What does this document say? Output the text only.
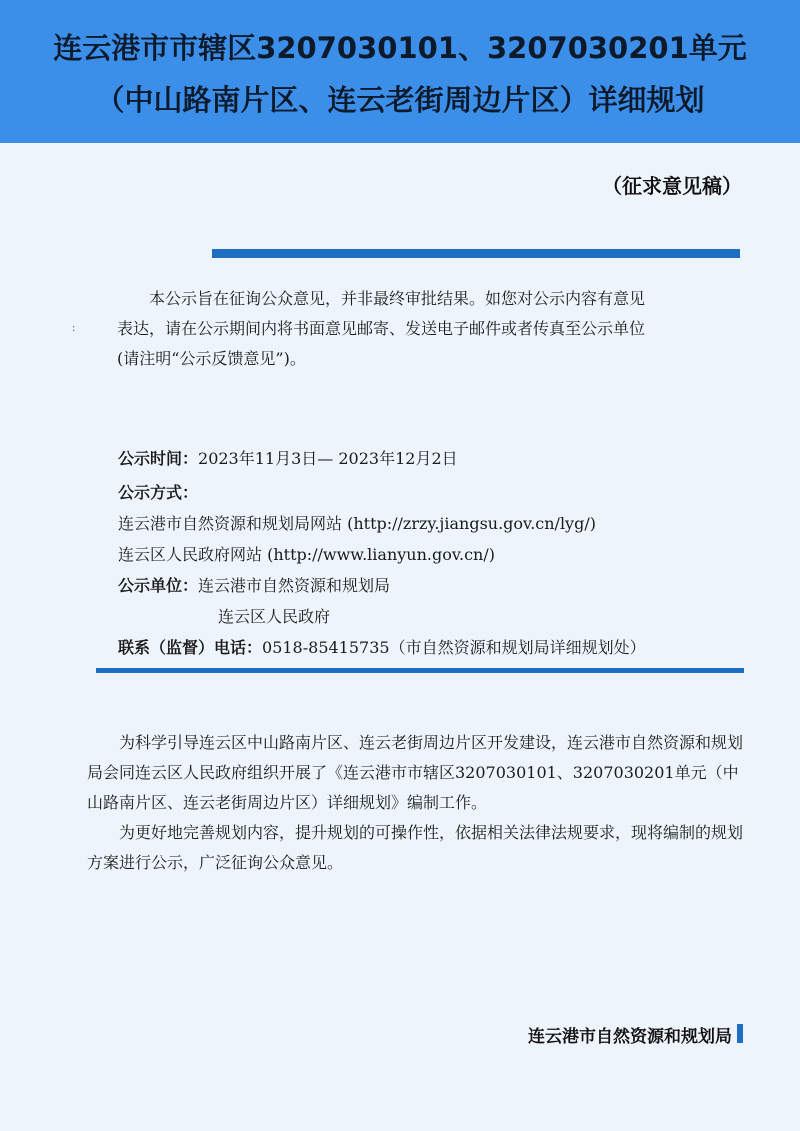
连云港市市辖区3207030101、3207030201单元
（中山路南片区、连云老街周边片区）详细规划
（征求意见稿）
:
本公示旨在征询公众意见，并非最终审批结果。如您对公示内容有意见
表达，请在公示期间内将书面意见邮寄、发送电子邮件或者传真至公示单位
(请注明“公示反馈意见”)。
公示时间：2023年11月3日— 2023年12月2日
公示方式：
连云港市自然资源和规划局网站 (http://zrzy.jiangsu.gov.cn/lyg/)
连云区人民政府网站 (http://www.lianyun.gov.cn/)
公示单位：连云港市自然资源和规划局
连云区人民政府
联系（监督）电话：0518-85415735（市自然资源和规划局详细规划处）

为科学引导连云区中山路南片区、连云老街周边片区开发建设，连云港市自然资源和规划局会同连云区人民政府组织开展了《连云港市市辖区3207030101、3207030201单元（中山路南片区、连云老街周边片区）详细规划》编制工作。

为更好地完善规划内容，提升规划的可操作性，依据相关法律法规要求，现将编制的规划方案进行公示，广泛征询公众意见。

连云港市自然资源和规划局
